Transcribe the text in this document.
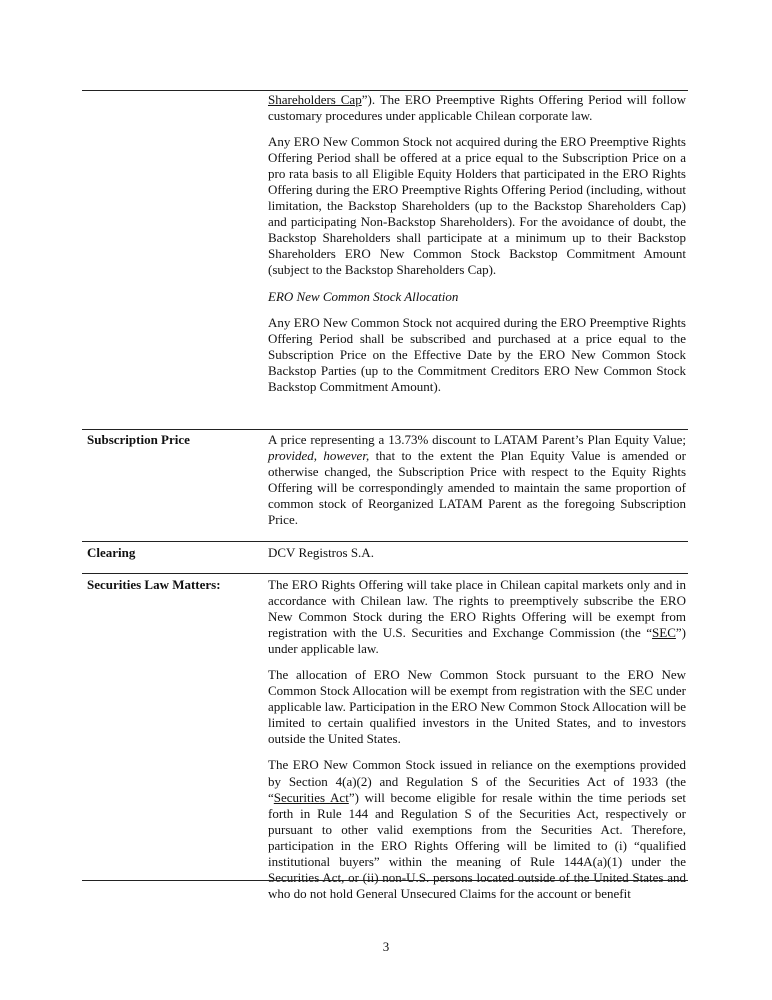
Shareholders Cap”). The ERO Preemptive Rights Offering Period will follow customary procedures under applicable Chilean corporate law.

Any ERO New Common Stock not acquired during the ERO Preemptive Rights Offering Period shall be offered at a price equal to the Subscription Price on a pro rata basis to all Eligible Equity Holders that participated in the ERO Rights Offering during the ERO Preemptive Rights Offering Period (including, without limitation, the Backstop Shareholders (up to the Backstop Shareholders Cap) and participating Non-Backstop Shareholders). For the avoidance of doubt, the Backstop Shareholders shall participate at a minimum up to their Backstop Shareholders ERO New Common Stock Backstop Commitment Amount (subject to the Backstop Shareholders Cap).

ERO New Common Stock Allocation

Any ERO New Common Stock not acquired during the ERO Preemptive Rights Offering Period shall be subscribed and purchased at a price equal to the Subscription Price on the Effective Date by the ERO New Common Stock Backstop Parties (up to the Commitment Creditors ERO New Common Stock Backstop Commitment Amount).

Subscription Price	A price representing a 13.73% discount to LATAM Parent’s Plan Equity Value; provided, however, that to the extent the Plan Equity Value is amended or otherwise changed, the Subscription Price with respect to the Equity Rights Offering will be correspondingly amended to maintain the same proportion of common stock of Reorganized LATAM Parent as the foregoing Subscription Price.

Clearing	DCV Registros S.A.

Securities Law Matters:	The ERO Rights Offering will take place in Chilean capital markets only and in accordance with Chilean law. The rights to preemptively subscribe the ERO New Common Stock during the ERO Rights Offering will be exempt from registration with the U.S. Securities and Exchange Commission (the “SEC”) under applicable law.

The allocation of ERO New Common Stock pursuant to the ERO New Common Stock Allocation will be exempt from registration with the SEC under applicable law. Participation in the ERO New Common Stock Allocation will be limited to certain qualified investors in the United States, and to investors outside the United States.

The ERO New Common Stock issued in reliance on the exemptions provided by Section 4(a)(2) and Regulation S of the Securities Act of 1933 (the “Securities Act”) will become eligible for resale within the time periods set forth in Rule 144 and Regulation S of the Securities Act, respectively or pursuant to other valid exemptions from the Securities Act. Therefore, participation in the ERO Rights Offering will be limited to (i) “qualified institutional buyers” within the meaning of Rule 144A(a)(1) under the Securities Act, or (ii) non-U.S. persons located outside of the United States and who do not hold General Unsecured Claims for the account or benefit

3
